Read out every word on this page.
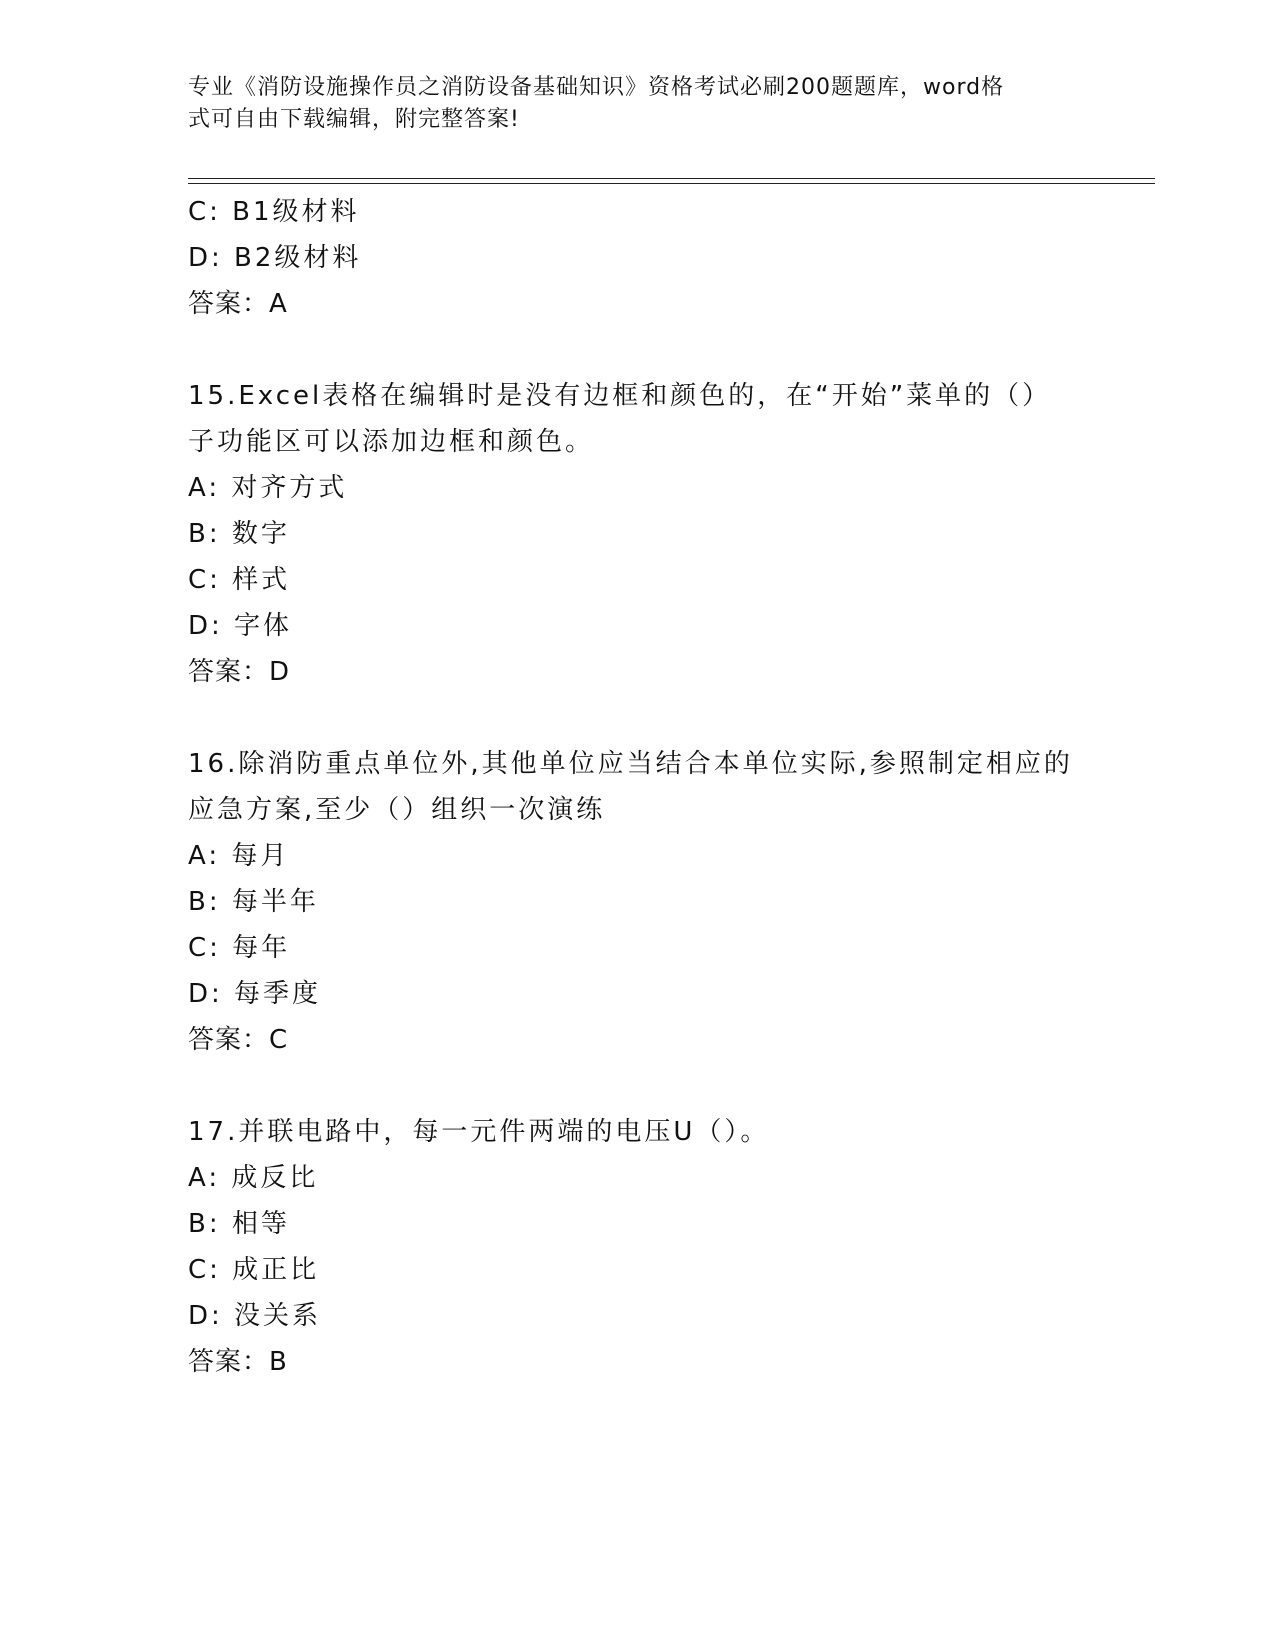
专业《消防设施操作员之消防设备基础知识》资格考试必刷200题题库，word格
式可自由下载编辑，附完整答案!
C: B1级材料
D: B2级材料
答案：A
15.Excel表格在编辑时是没有边框和颜色的，在“开始”菜单的（）
子功能区可以添加边框和颜色。
A: 对齐方式
B: 数字
C: 样式
D: 字体
答案：D
16.除消防重点单位外,其他单位应当结合本单位实际,参照制定相应的
应急方案,至少（）组织一次演练
A: 每月
B: 每半年
C: 每年
D: 每季度
答案：C
17.并联电路中，每一元件两端的电压U（）。
A: 成反比
B: 相等
C: 成正比
D: 没关系
答案：B
